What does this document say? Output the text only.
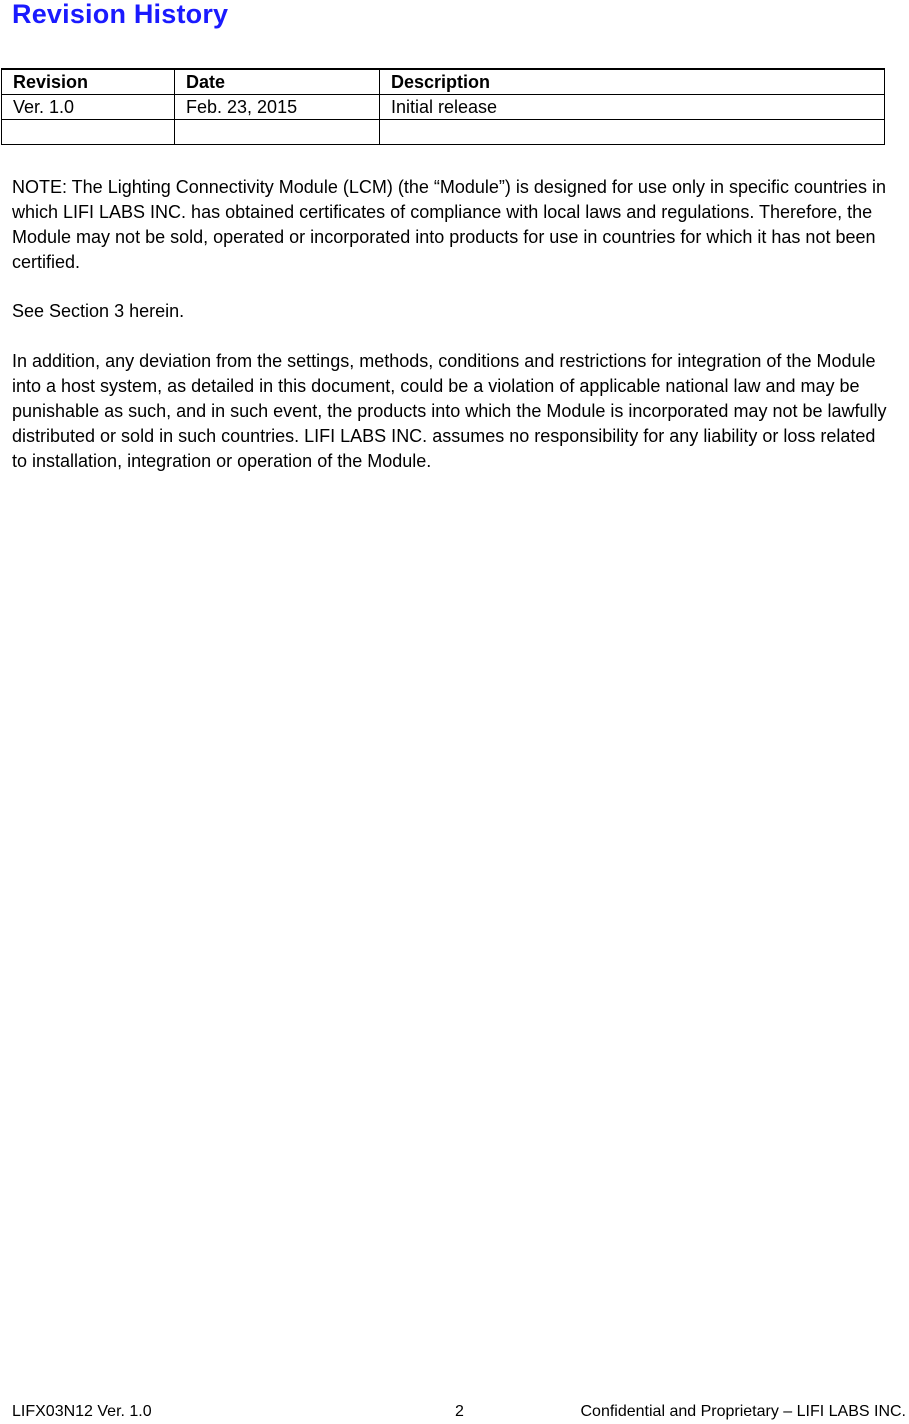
Revision History
Revision	Date	Description
Ver. 1.0	Feb. 23, 2015	Initial release

NOTE: The Lighting Connectivity Module (LCM) (the “Module”) is designed for use only in specific countries in which LIFI LABS INC. has obtained certificates of compliance with local laws and regulations. Therefore, the Module may not be sold, operated or incorporated into products for use in countries for which it has not been certified.

See Section 3 herein.

In addition, any deviation from the settings, methods, conditions and restrictions for integration of the Module into a host system, as detailed in this document, could be a violation of applicable national law and may be punishable as such, and in such event, the products into which the Module is incorporated may not be lawfully distributed or sold in such countries. LIFI LABS INC. assumes no responsibility for any liability or loss related to installation, integration or operation of the Module.

LIFX03N12 Ver. 1.0	2	Confidential and Proprietary – LIFI LABS INC.
